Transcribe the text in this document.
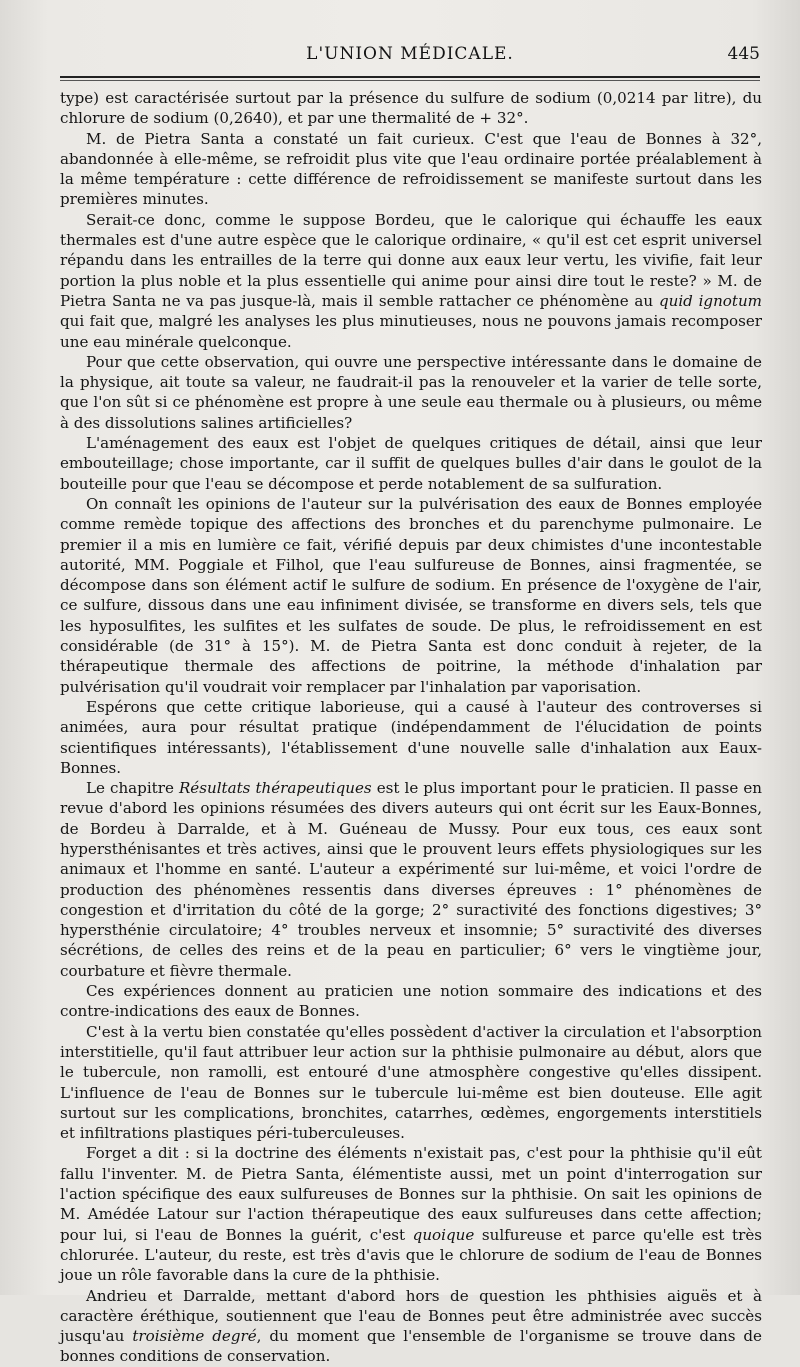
L'UNION MÉDICALE.	445

type) est caractérisée surtout par la présence du sulfure de sodium (0,0214 par litre), du chlorure de sodium (0,2640), et par une thermalité de + 32°.

M. de Pietra Santa a constaté un fait curieux. C'est que l'eau de Bonnes à 32°, abandonnée à elle-même, se refroidit plus vite que l'eau ordinaire portée préalablement à la même température : cette différence de refroidissement se manifeste surtout dans les premières minutes.

Serait-ce donc, comme le suppose Bordeu, que le calorique qui échauffe les eaux thermales est d'une autre espèce que le calorique ordinaire, « qu'il est cet esprit universel répandu dans les entrailles de la terre qui donne aux eaux leur vertu, les vivifie, fait leur portion la plus noble et la plus essentielle qui anime pour ainsi dire tout le reste? » M. de Pietra Santa ne va pas jusque-là, mais il semble rattacher ce phénomène au quid ignotum qui fait que, malgré les analyses les plus minutieuses, nous ne pouvons jamais recomposer une eau minérale quelconque.

Pour que cette observation, qui ouvre une perspective intéressante dans le domaine de la physique, ait toute sa valeur, ne faudrait-il pas la renouveler et la varier de telle sorte, que l'on sût si ce phénomène est propre à une seule eau thermale ou à plusieurs, ou même à des dissolutions salines artificielles?

L'aménagement des eaux est l'objet de quelques critiques de détail, ainsi que leur embouteillage; chose importante, car il suffit de quelques bulles d'air dans le goulot de la bouteille pour que l'eau se décompose et perde notablement de sa sulfuration.

On connaît les opinions de l'auteur sur la pulvérisation des eaux de Bonnes employée comme remède topique des affections des bronches et du parenchyme pulmonaire. Le premier il a mis en lumière ce fait, vérifié depuis par deux chimistes d'une incontestable autorité, MM. Poggiale et Filhol, que l'eau sulfureuse de Bonnes, ainsi fragmentée, se décompose dans son élément actif le sulfure de sodium. En présence de l'oxygène de l'air, ce sulfure, dissous dans une eau infiniment divisée, se transforme en divers sels, tels que les hyposulfites, les sulfites et les sulfates de soude. De plus, le refroidissement en est considérable (de 31° à 15°). M. de Pietra Santa est donc conduit à rejeter, de la thérapeutique thermale des affections de poitrine, la méthode d'inhalation par pulvérisation qu'il voudrait voir remplacer par l'inhalation par vaporisation.

Espérons que cette critique laborieuse, qui a causé à l'auteur des controverses si animées, aura pour résultat pratique (indépendamment de l'élucidation de points scientifiques intéressants), l'établissement d'une nouvelle salle d'inhalation aux Eaux-Bonnes.

Le chapitre Résultats thérapeutiques est le plus important pour le praticien. Il passe en revue d'abord les opinions résumées des divers auteurs qui ont écrit sur les Eaux-Bonnes, de Bordeu à Darralde, et à M. Guéneau de Mussy. Pour eux tous, ces eaux sont hypersthénisantes et très actives, ainsi que le prouvent leurs effets physiologiques sur les animaux et l'homme en santé. L'auteur a expérimenté sur lui-même, et voici l'ordre de production des phénomènes ressentis dans diverses épreuves : 1° phénomènes de congestion et d'irritation du côté de la gorge; 2° suractivité des fonctions digestives; 3° hypersthénie circulatoire; 4° troubles nerveux et insomnie; 5° suractivité des diverses sécrétions, de celles des reins et de la peau en particulier; 6° vers le vingtième jour, courbature et fièvre thermale.

Ces expériences donnent au praticien une notion sommaire des indications et des contre-indications des eaux de Bonnes.

C'est à la vertu bien constatée qu'elles possèdent d'activer la circulation et l'absorption interstitielle, qu'il faut attribuer leur action sur la phthisie pulmonaire au début, alors que le tubercule, non ramolli, est entouré d'une atmosphère congestive qu'elles dissipent. L'influence de l'eau de Bonnes sur le tubercule lui-même est bien douteuse. Elle agit surtout sur les complications, bronchites, catarrhes, œdèmes, engorgements interstitiels et infiltrations plastiques péri-tuberculeuses.

Forget a dit : si la doctrine des éléments n'existait pas, c'est pour la phthisie qu'il eût fallu l'inventer. M. de Pietra Santa, élémentiste aussi, met un point d'interrogation sur l'action spécifique des eaux sulfureuses de Bonnes sur la phthisie. On sait les opinions de M. Amédée Latour sur l'action thérapeutique des eaux sulfureuses dans cette affection; pour lui, si l'eau de Bonnes la guérit, c'est quoique sulfureuse et parce qu'elle est très chlorurée. L'auteur, du reste, est très d'avis que le chlorure de sodium de l'eau de Bonnes joue un rôle favorable dans la cure de la phthisie.

Andrieu et Darralde, mettant d'abord hors de question les phthisies aiguës et à caractère éréthique, soutiennent que l'eau de Bonnes peut être administrée avec succès jusqu'au troisième degré, du moment que l'ensemble de l'organisme se trouve dans de bonnes conditions de conservation.
